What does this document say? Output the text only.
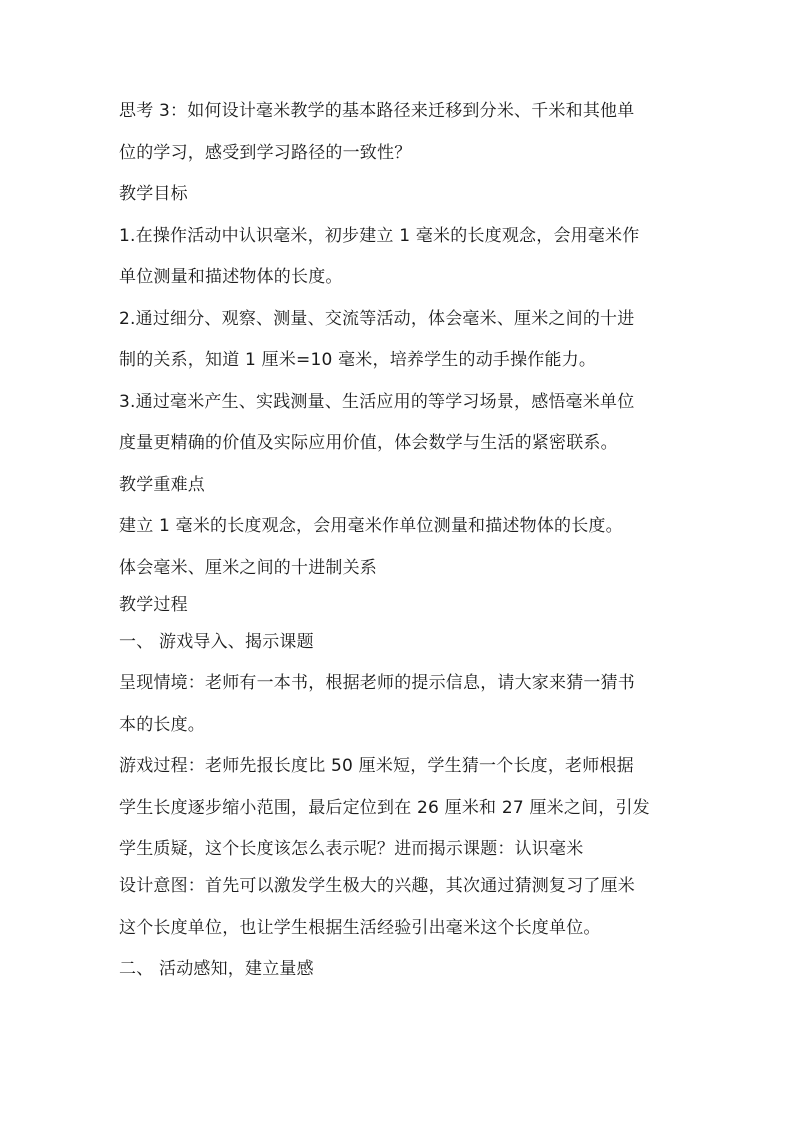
思考 3：如何设计毫米教学的基本路径来迁移到分米、千米和其他单
位的学习，感受到学习路径的一致性？
教学目标
1.在操作活动中认识毫米，初步建立 1 毫米的长度观念，会用毫米作
单位测量和描述物体的长度。
2.通过细分、观察、测量、交流等活动，体会毫米、厘米之间的十进
制的关系，知道 1 厘米=10 毫米，培养学生的动手操作能力。
3.通过毫米产生、实践测量、生活应用的等学习场景，感悟毫米单位
度量更精确的价值及实际应用价值，体会数学与生活的紧密联系。
教学重难点
建立 1 毫米的长度观念，会用毫米作单位测量和描述物体的长度。
体会毫米、厘米之间的十进制关系
教学过程
一、 游戏导入、揭示课题
呈现情境：老师有一本书，根据老师的提示信息，请大家来猜一猜书
本的长度。
游戏过程：老师先报长度比 50 厘米短，学生猜一个长度，老师根据
学生长度逐步缩小范围，最后定位到在 26 厘米和 27 厘米之间，引发
学生质疑，这个长度该怎么表示呢？进而揭示课题：认识毫米
设计意图：首先可以激发学生极大的兴趣，其次通过猜测复习了厘米
这个长度单位，也让学生根据生活经验引出毫米这个长度单位。
二、 活动感知，建立量感
